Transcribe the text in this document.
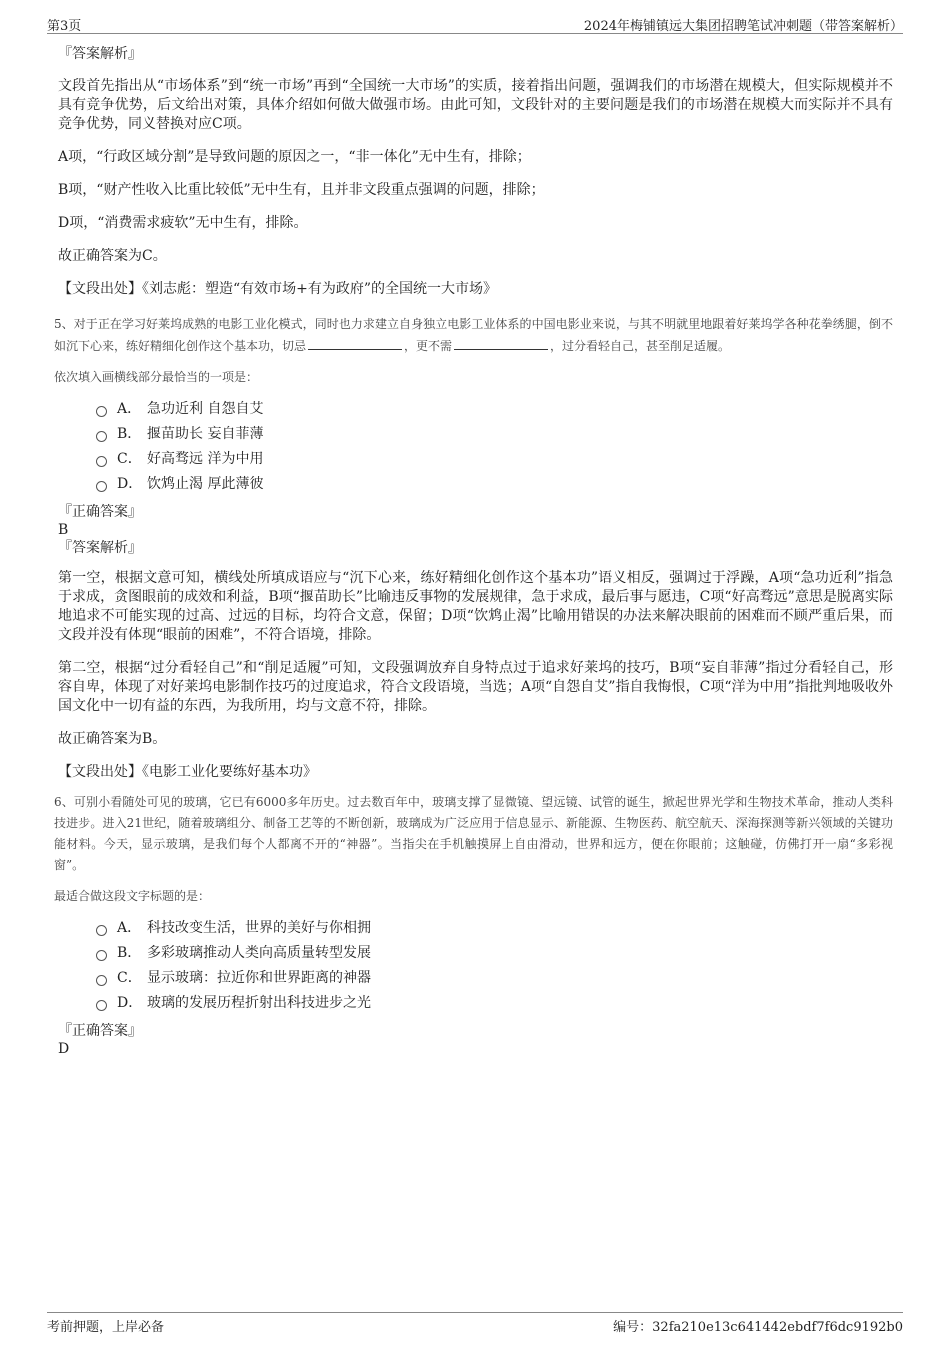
第3页	2024年梅铺镇远大集团招聘笔试冲刺题（带答案解析）

『答案解析』

文段首先指出从“市场体系”到“统一市场”再到“全国统一大市场”的实质，接着指出问题，强调我们的市场潜在规模大，但实际规模并不具有竞争优势，后文给出对策，具体介绍如何做大做强市场。由此可知，文段针对的主要问题是我们的市场潜在规模大而实际并不具有竞争优势，同义替换对应C项。

A项，“行政区域分割”是导致问题的原因之一，“非一体化”无中生有，排除；

B项，“财产性收入比重比较低”无中生有，且并非文段重点强调的问题，排除；

D项，“消费需求疲软”无中生有，排除。

故正确答案为C。

【文段出处】《刘志彪：塑造“有效市场+有为政府”的全国统一大市场》

5、对于正在学习好莱坞成熟的电影工业化模式，同时也力求建立自身独立电影工业体系的中国电影业来说，与其不明就里地跟着好莱坞学各种花拳绣腿，倒不如沉下心来，练好精细化创作这个基本功，切忌	，更不需	，过分看轻自己，甚至削足适履。

依次填入画横线部分最恰当的一项是：

A． 急功近利 自怨自艾
B． 揠苗助长 妄自菲薄
C． 好高骛远 洋为中用
D． 饮鸩止渴 厚此薄彼

『正确答案』

B

『答案解析』

第一空，根据文意可知，横线处所填成语应与“沉下心来，练好精细化创作这个基本功”语义相反，强调过于浮躁，A项“急功近利”指急于求成，贪图眼前的成效和利益，B项“揠苗助长”比喻违反事物的发展规律，急于求成，最后事与愿违，C项“好高骛远”意思是脱离实际地追求不可能实现的过高、过远的目标，均符合文意，保留；D项“饮鸩止渴”比喻用错误的办法来解决眼前的困难而不顾严重后果，而文段并没有体现“眼前的困难”，不符合语境，排除。

第二空，根据“过分看轻自己”和“削足适履”可知，文段强调放弃自身特点过于追求好莱坞的技巧，B项“妄自菲薄”指过分看轻自己，形容自卑，体现了对好莱坞电影制作技巧的过度追求，符合文段语境，当选；A项“自怨自艾”指自我悔恨，C项“洋为中用”指批判地吸收外国文化中一切有益的东西，为我所用，均与文意不符，排除。

故正确答案为B。

【文段出处】《电影工业化要练好基本功》

6、可别小看随处可见的玻璃，它已有6000多年历史。过去数百年中，玻璃支撑了显微镜、望远镜、试管的诞生，掀起世界光学和生物技术革命，推动人类科技进步。进入21世纪，随着玻璃组分、制备工艺等的不断创新，玻璃成为广泛应用于信息显示、新能源、生物医药、航空航天、深海探测等新兴领域的关键功能材料。今天，显示玻璃，是我们每个人都离不开的“神器”。当指尖在手机触摸屏上自由滑动，世界和远方，便在你眼前；这触碰，仿佛打开一扇“多彩视窗”。

最适合做这段文字标题的是：

A． 科技改变生活，世界的美好与你相拥
B． 多彩玻璃推动人类向高质量转型发展
C． 显示玻璃：拉近你和世界距离的神器
D． 玻璃的发展历程折射出科技进步之光

『正确答案』

D

考前押题，上岸必备	编号：32fa210e13c641442ebdf7f6dc9192b0
